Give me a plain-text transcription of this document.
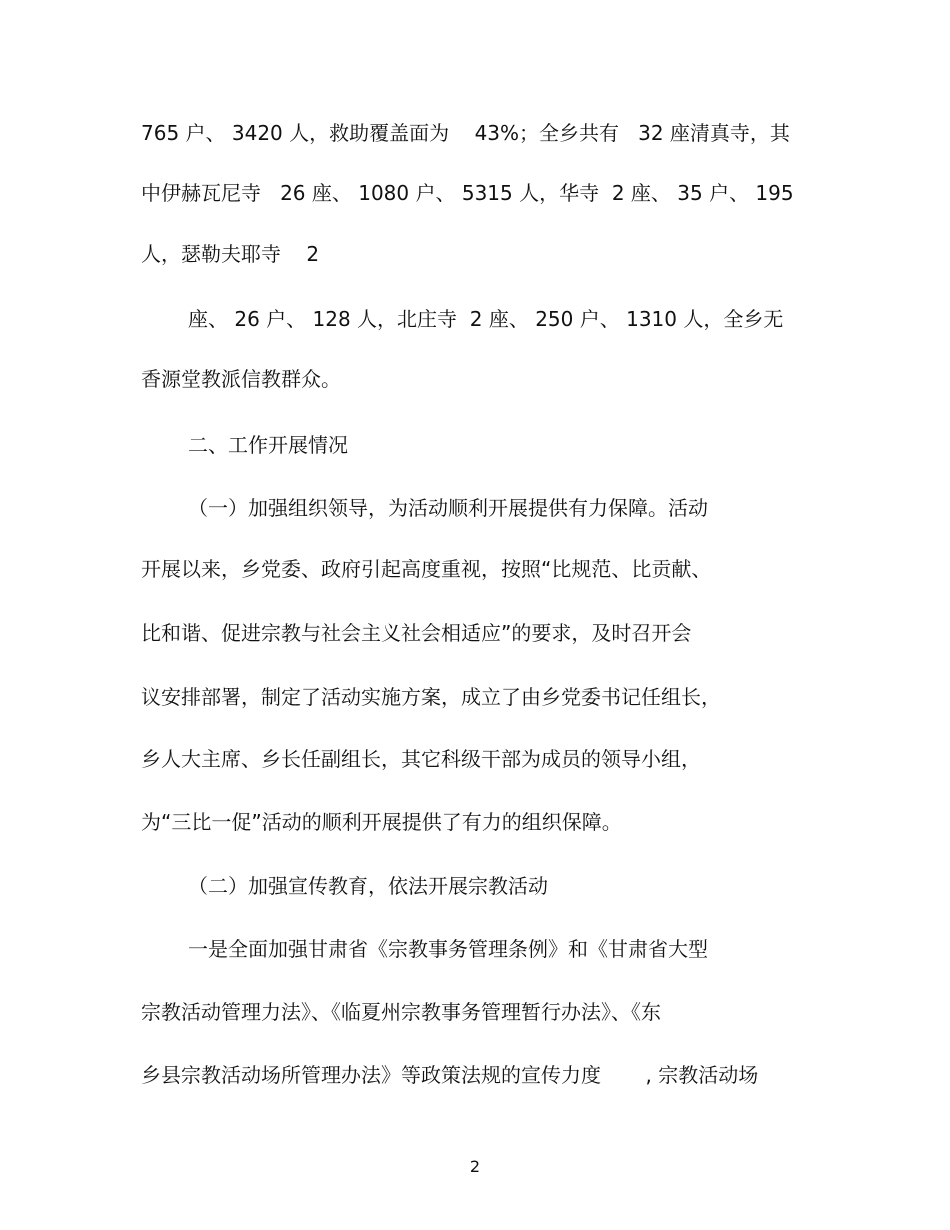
765 户、 3420 人，救助覆盖面为    43%；全乡共有   32 座清真寺，其
中伊赫瓦尼寺   26 座、 1080 户、 5315 人，华寺  2 座、 35 户、 195
人，瑟勒夫耶寺    2
座、 26 户、 128 人，北庄寺  2 座、 250 户、 1310 人，全乡无
香源堂教派信教群众。
二、工作开展情况
（一）加强组织领导，为活动顺利开展提供有力保障。活动
开展以来，乡党委、政府引起高度重视，按照“比规范、比贡献、
比和谐、促进宗教与社会主义社会相适应”的要求，及时召开会
议安排部署，制定了活动实施方案，成立了由乡党委书记任组长，
乡人大主席、乡长任副组长，其它科级干部为成员的领导小组，
为“三比一促”活动的顺利开展提供了有力的组织保障。
（二）加强宣传教育，依法开展宗教活动
一是全面加强甘肃省《宗教事务管理条例》和《甘肃省大型
宗教活动管理力法》、《临夏州宗教事务管理暂行办法》、《东
乡县宗教活动场所管理办法》等政策法规的宣传力度       , 宗教活动场
2
